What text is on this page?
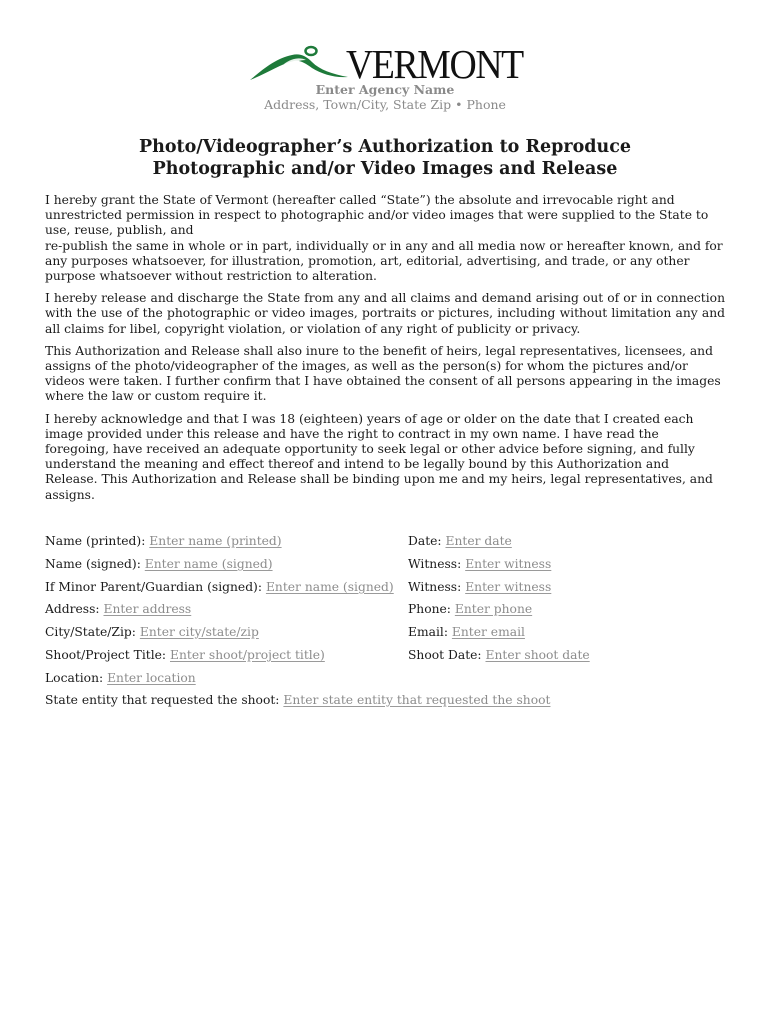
VERMONT
Enter Agency Name
Address, Town/City, State Zip • Phone
Photo/Videographer’s Authorization to Reproduce
Photographic and/or Video Images and Release

I hereby grant the State of Vermont (hereafter called “State”) the absolute and irrevocable right and unrestricted permission in respect to photographic and/or video images that were supplied to the State to use, reuse, publish, and
re-publish the same in whole or in part, individually or in any and all media now or hereafter known, and for any purposes whatsoever, for illustration, promotion, art, editorial, advertising, and trade, or any other purpose whatsoever without restriction to alteration.

I hereby release and discharge the State from any and all claims and demand arising out of or in connection with the use of the photographic or video images, portraits or pictures, including without limitation any and all claims for libel, copyright violation, or violation of any right of publicity or privacy.

This Authorization and Release shall also inure to the benefit of heirs, legal representatives, licensees, and assigns of the photo/videographer of the images, as well as the person(s) for whom the pictures and/or videos were taken. I further confirm that I have obtained the consent of all persons appearing in the images where the law or custom require it.

I hereby acknowledge and that I was 18 (eighteen) years of age or older on the date that I created each image provided under this release and have the right to contract in my own name. I have read the foregoing, have received an adequate opportunity to seek legal or other advice before signing, and fully understand the meaning and effect thereof and intend to be legally bound by this Authorization and Release. This Authorization and Release shall be binding upon me and my heirs, legal representatives, and assigns.

Name (printed): Enter name (printed)	Date: Enter date
Name (signed): Enter name (signed)	Witness: Enter witness
If Minor Parent/Guardian (signed): Enter name (signed) Witness: Enter witness
Address: Enter address	Phone: Enter phone
City/State/Zip: Enter city/state/zip	Email: Enter email
Shoot/Project Title: Enter shoot/project title)	Shoot Date: Enter shoot date
Location: Enter location
State entity that requested the shoot: Enter state entity that requested the shoot
